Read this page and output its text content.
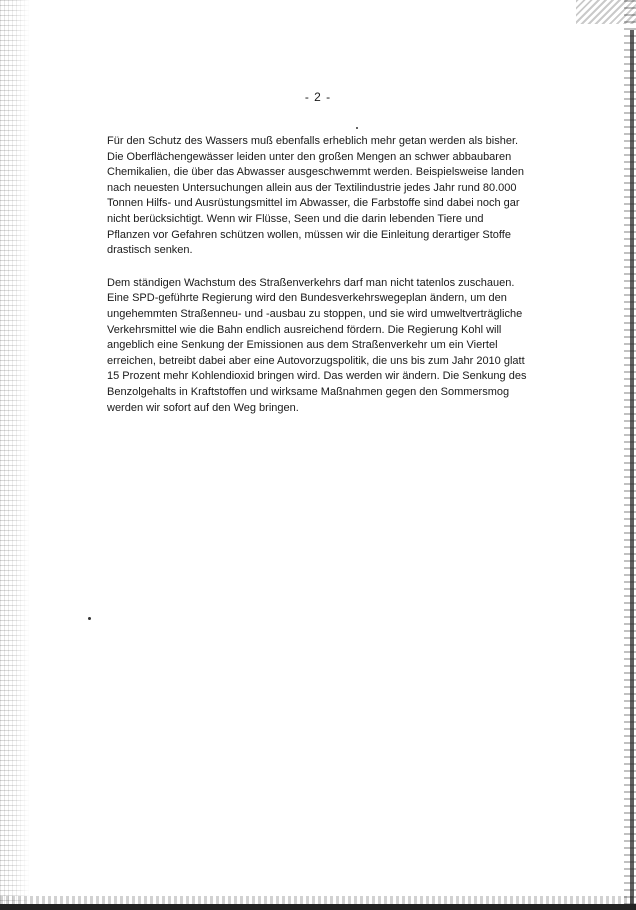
- 2 -

Für den Schutz des Wassers muß ebenfalls erheblich mehr getan werden als bisher.
Die Oberflächengewässer leiden unter den großen Mengen an schwer abbaubaren
Chemikalien, die über das Abwasser ausgeschwemmt werden. Beispielsweise landen
nach neuesten Untersuchungen allein aus der Textilindustrie jedes Jahr rund 80.000
Tonnen Hilfs- und Ausrüstungsmittel im Abwasser, die Farbstoffe sind dabei noch gar
nicht berücksichtigt. Wenn wir Flüsse, Seen und die darin lebenden Tiere und
Pflanzen vor Gefahren schützen wollen, müssen wir die Einleitung derartiger Stoffe
drastisch senken.

Dem ständigen Wachstum des Straßenverkehrs darf man nicht tatenlos zuschauen.
Eine SPD-geführte Regierung wird den Bundesverkehrswegeplan ändern, um den
ungehemmten Straßenneu- und -ausbau zu stoppen, und sie wird umweltverträgliche
Verkehrsmittel wie die Bahn endlich ausreichend fördern. Die Regierung Kohl will
angeblich eine Senkung der Emissionen aus dem Straßenverkehr um ein Viertel
erreichen, betreibt dabei aber eine Autovorzugspolitik, die uns bis zum Jahr 2010 glatt
15 Prozent mehr Kohlendioxid bringen wird. Das werden wir ändern. Die Senkung des
Benzolgehalts in Kraftstoffen und wirksame Maßnahmen gegen den Sommersmog
werden wir sofort auf den Weg bringen.
